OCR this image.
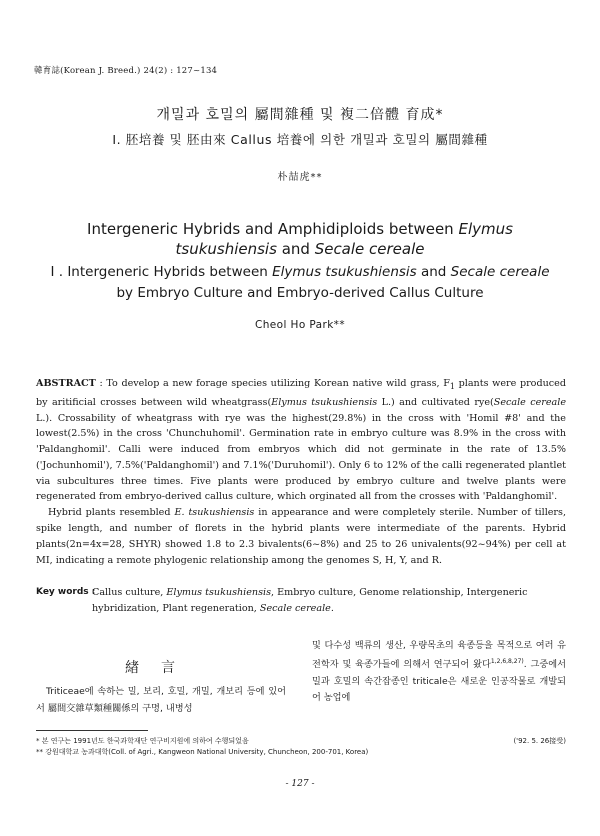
韓育誌(Korean J. Breed.) 24(2) : 127~134
개밀과 호밀의 屬間雜種 및 複二倍體 育成*
I. 胚培養 및 胚由來 Callus 培養에 의한 개밀과 호밀의 屬間雜種
朴喆虎**
Intergeneric Hybrids and Amphidiploids between Elymus
tsukushiensis and Secale cereale
I . Intergeneric Hybrids between Elymus tsukushiensis and Secale cereale
by Embryo Culture and Embryo-derived Callus Culture
Cheol Ho Park**

ABSTRACT : To develop a new forage species utilizing Korean native wild grass, $F_1$ plants were produced by aritificial crosses between wild wheatgrass(Elymus tsukushiensis L.) and cultivated rye(Secale cereale L.). Crossability of wheatgrass with rye was the highest(29.8%) in the cross with 'Homil #8' and the lowest(2.5%) in the cross 'Chunchuhomil'. Germination rate in embryo culture was 8.9% in the cross with 'Paldanghomil'. Calli were induced from embryos which did not germinate in the rate of 13.5%('Jochunhomil'), 7.5%('Paldanghomil') and 7.1%('Duruhomil'). Only 6 to 12% of the calli regenerated plantlet via subcultures three times. Five plants were produced by embryo culture and twelve plants were regenerated from embryo-derived callus culture, which orginated all from the crosses with 'Paldanghomil'.

Hybrid plants resembled E. tsukushiensis in appearance and were completely sterile. Number of tillers, spike length, and number of florets in the hybrid plants were intermediate of the parents. Hybrid plants(2n=4x=28, SHYR) showed 1.8 to 2.3 bivalents(6~8%) and 25 to 26 univalents(92~94%) per cell at MI, indicating a remote phylogenic relationship among the genomes S, H, Y, and R.

Key words :
Callus culture, Elymus tsukushiensis, Embryo culture, Genome relationship, Intergeneric hybridization, Plant regeneration, Secale cereale.
緖言

Triticeae에 속하는 밀, 보리, 호밀, 개밀, 개보리 등에 있어서 屬間交雜草類種關係의 구명, 내병성

및 다수성 백류의 생산, 우량목초의 육종등을 목적으로 여러 유전학자 및 육종가들에 의해서 연구되어 왔다$^{1,2,6,8,27)}$. 그중에서 밀과 호밀의 속간잡종인 triticale은 새로운 인공작물로 개발되어 농업에

* 본 연구는 1991년도 한국과학재단 연구비지원에 의하여 수행되었음	('92. 5. 26接受)
** 강원대학교 농과대학(Coll. of Agri., Kangweon National University, Chuncheon, 200-701, Korea)
- 127 -
